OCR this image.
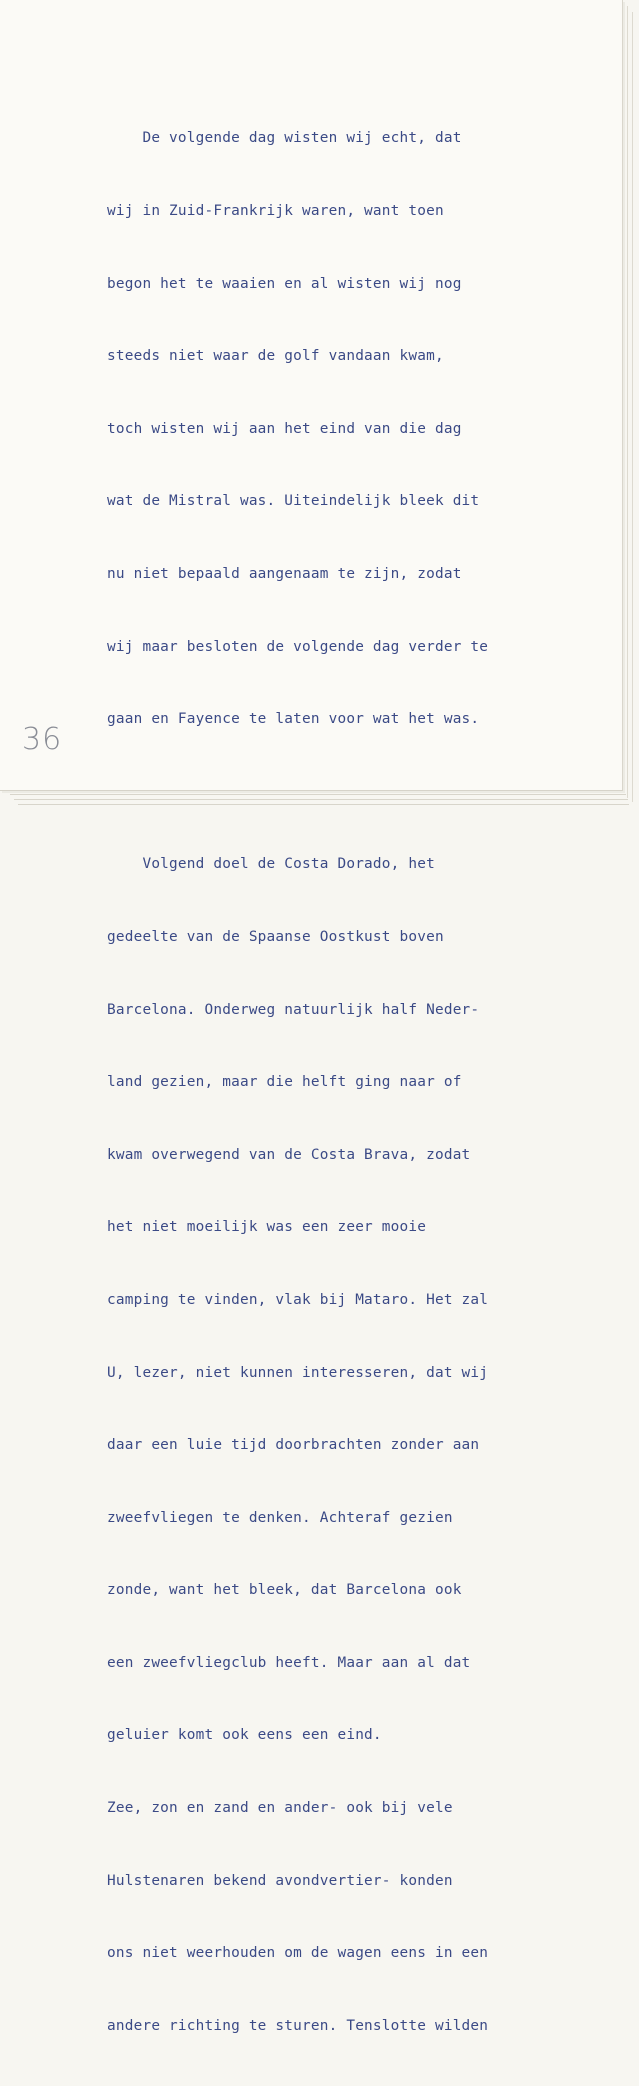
De volgende dag wisten wij echt, dat

wij in Zuid-Frankrijk waren, want toen

begon het te waaien en al wisten wij nog

steeds niet waar de golf vandaan kwam,

toch wisten wij aan het eind van die dag

wat de Mistral was. Uiteindelijk bleek dit

nu niet bepaald aangenaam te zijn, zodat

wij maar besloten de volgende dag verder te

gaan en Fayence te laten voor wat het was.

Volgend doel de Costa Dorado, het

gedeelte van de Spaanse Oostkust boven

Barcelona. Onderweg natuurlijk half Neder-

land gezien, maar die helft ging naar of

kwam overwegend van de Costa Brava, zodat

het niet moeilijk was een zeer mooie

camping te vinden, vlak bij Mataro. Het zal

U, lezer, niet kunnen interesseren, dat wij

daar een luie tijd doorbrachten zonder aan

zweefvliegen te denken. Achteraf gezien

zonde, want het bleek, dat Barcelona ook

een zweefvliegclub heeft. Maar aan al dat

geluier komt ook eens een eind.

Zee, zon en zand en ander- ook bij vele

Hulstenaren bekend avondvertier- konden

ons niet weerhouden om de wagen eens in een

andere richting te sturen. Tenslotte wilden

36
